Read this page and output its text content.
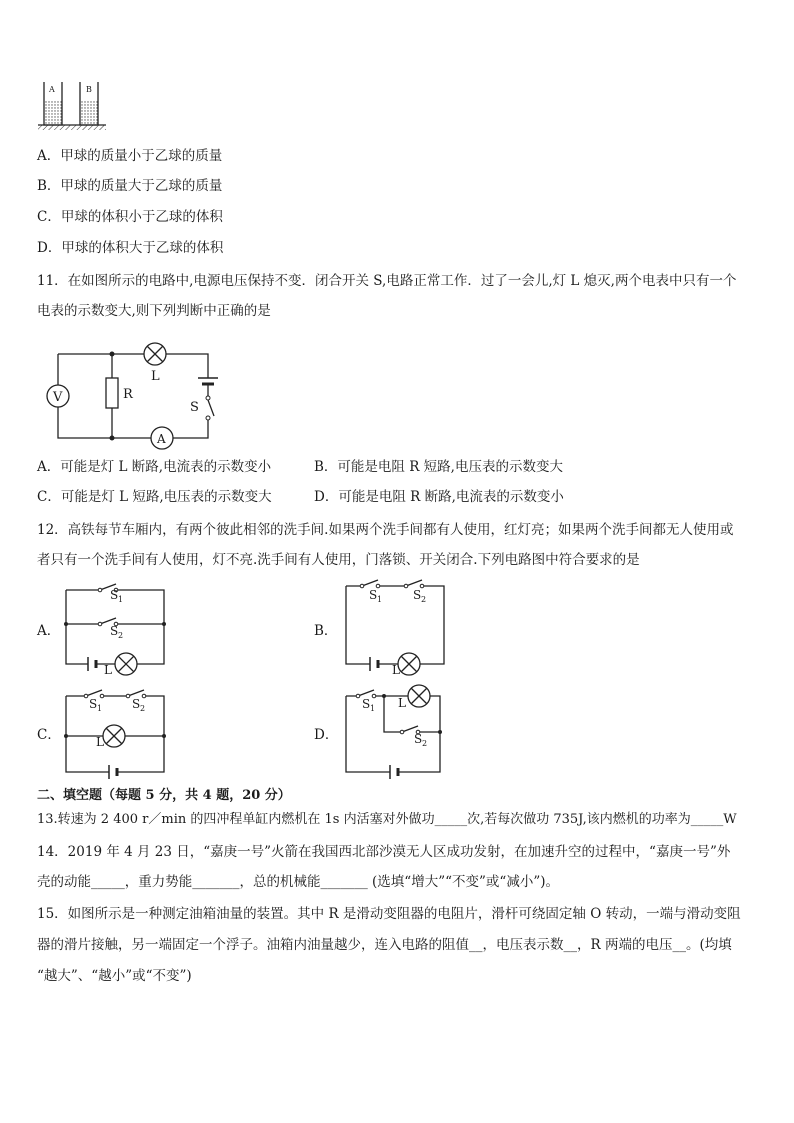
A	B
A．甲球的质量小于乙球的质量
B．甲球的质量大于乙球的质量
C．甲球的体积小于乙球的体积
D．甲球的体积大于乙球的体积
11．在如图所示的电路中,电源电压保持不变．闭合开关 S,电路正常工作．过了一会儿,灯 L 熄灭,两个电表中只有一个
电表的示数变大,则下列判断中正确的是
V	R
L
A
S
A．可能是灯 L 断路,电流表的示数变小	B．可能是电阻 R 短路,电压表的示数变大
C．可能是灯 L 短路,电压表的示数变大	D．可能是电阻 R 断路,电流表的示数变小
12．高铁每节车厢内，有两个彼此相邻的洗手间.如果两个洗手间都有人使用，红灯亮；如果两个洗手间都无人使用或
者只有一个洗手间有人使用，灯不亮.洗手间有人使用，门落锁、开关闭合.下列电路图中符合要求的是
A．	B．
C．	D．
S 1
S 2
L
S 1	S 2
L
S 1 S 2
L
S 1
S 2
L
二、填空题（每题 5 分，共 4 题，20 分）
13.转速为 2 400 r／min 的四冲程单缸内燃机在 1s 内活塞对外做功_____次,若每次做功 735J,该内燃机的功率为_____W
14．2019 年 4 月 23 日，“嘉庚一号”火箭在我国西北部沙漠无人区成功发射，在加速升空的过程中，“嘉庚一号”外
壳的动能_____，重力势能_______，总的机械能_______ (选填“增大”“不变”或“减小”)。
15．如图所示是一种测定油箱油量的装置。其中 R 是滑动变阻器的电阻片，滑杆可绕固定轴 O 转动，一端与滑动变阻
器的滑片接触，另一端固定一个浮子。油箱内油量越少，连入电路的阻值__，电压表示数__，R 两端的电压__。(均填
“越大”、“越小”或“不变”)
